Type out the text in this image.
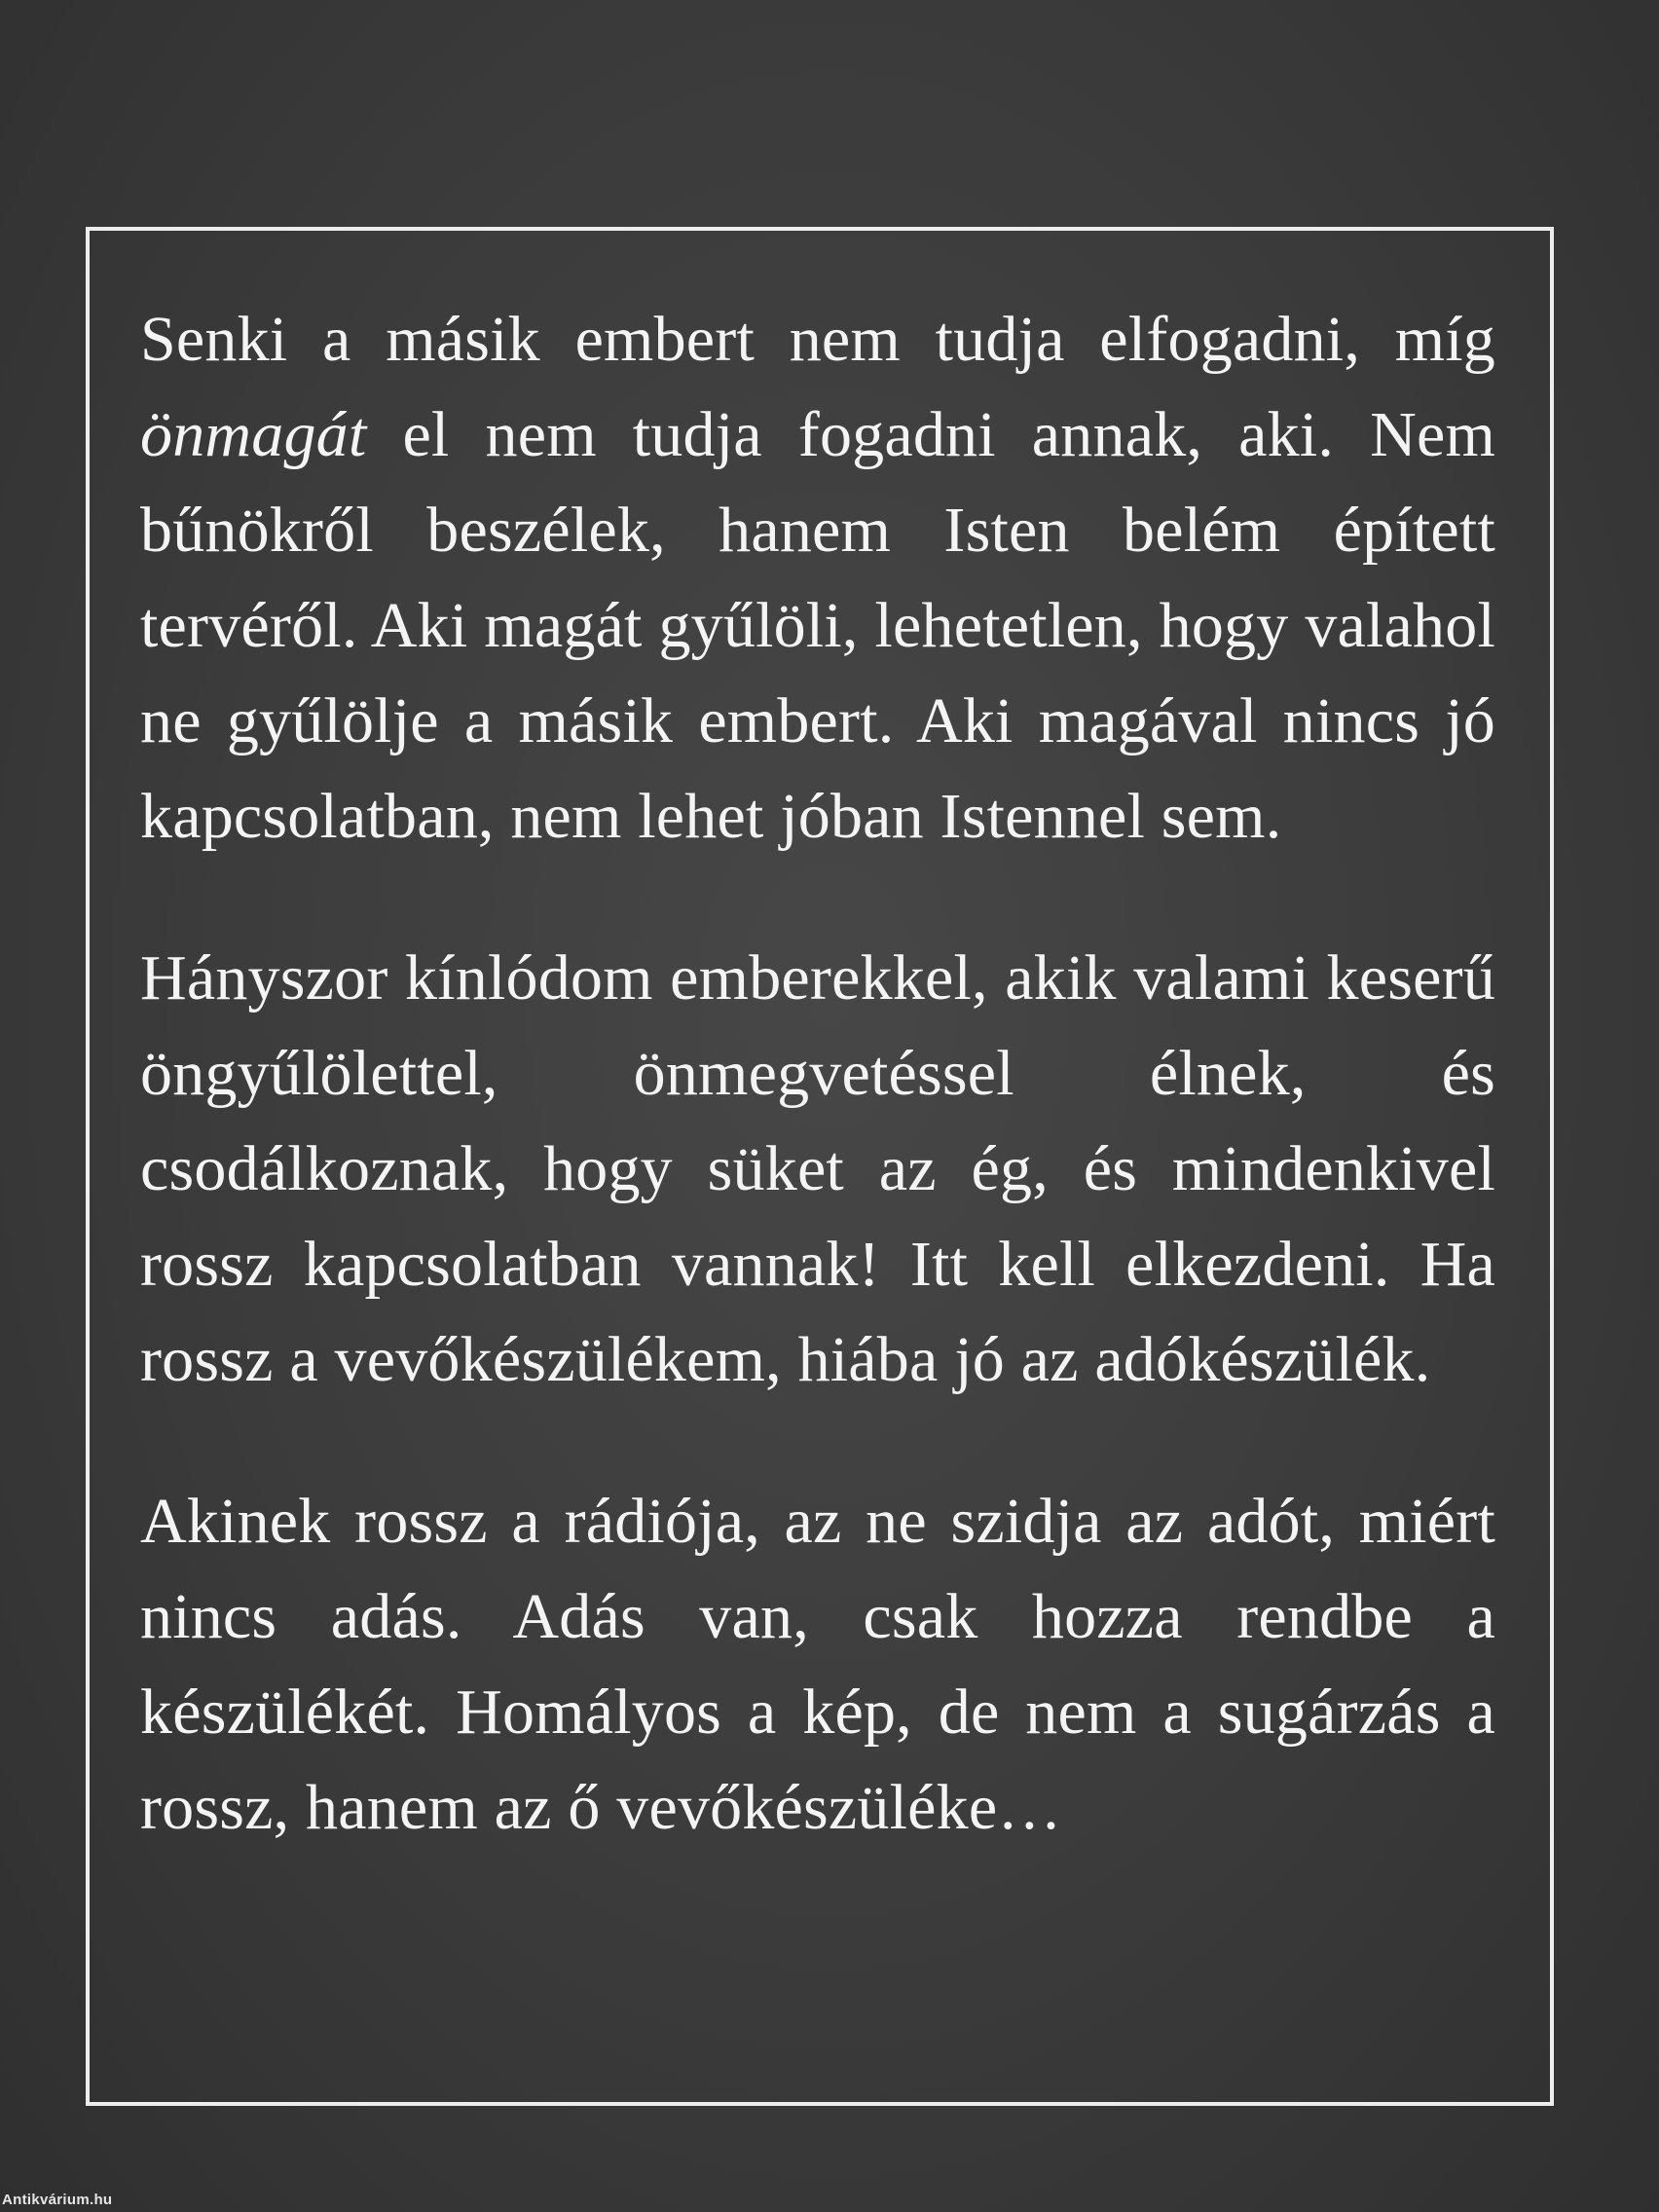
Senki a másik embert nem tudja elfogadni, míg önmagát el nem tudja fogadni annak, aki. Nem bűnökről beszélek, hanem Isten belém épített tervéről. Aki magát gyűlöli, lehetetlen, hogy valahol ne gyűlölje a másik embert. Aki magával nincs jó kapcsolatban, nem lehet jóban Istennel sem.

Hányszor kínlódom emberekkel, akik valami keserű öngyűlölettel, önmegvetéssel élnek, és csodálkoznak, hogy süket az ég, és mindenkivel rossz kapcsolatban vannak! Itt kell elkezdeni. Ha rossz a vevőkészülékem, hiába jó az adókészülék.

Akinek rossz a rádiója, az ne szidja az adót, miért nincs adás. Adás van, csak hozza rendbe a készülékét. Homályos a kép, de nem a sugárzás a rossz, hanem az ő vevőkészüléke…

Antikvárium.hu
